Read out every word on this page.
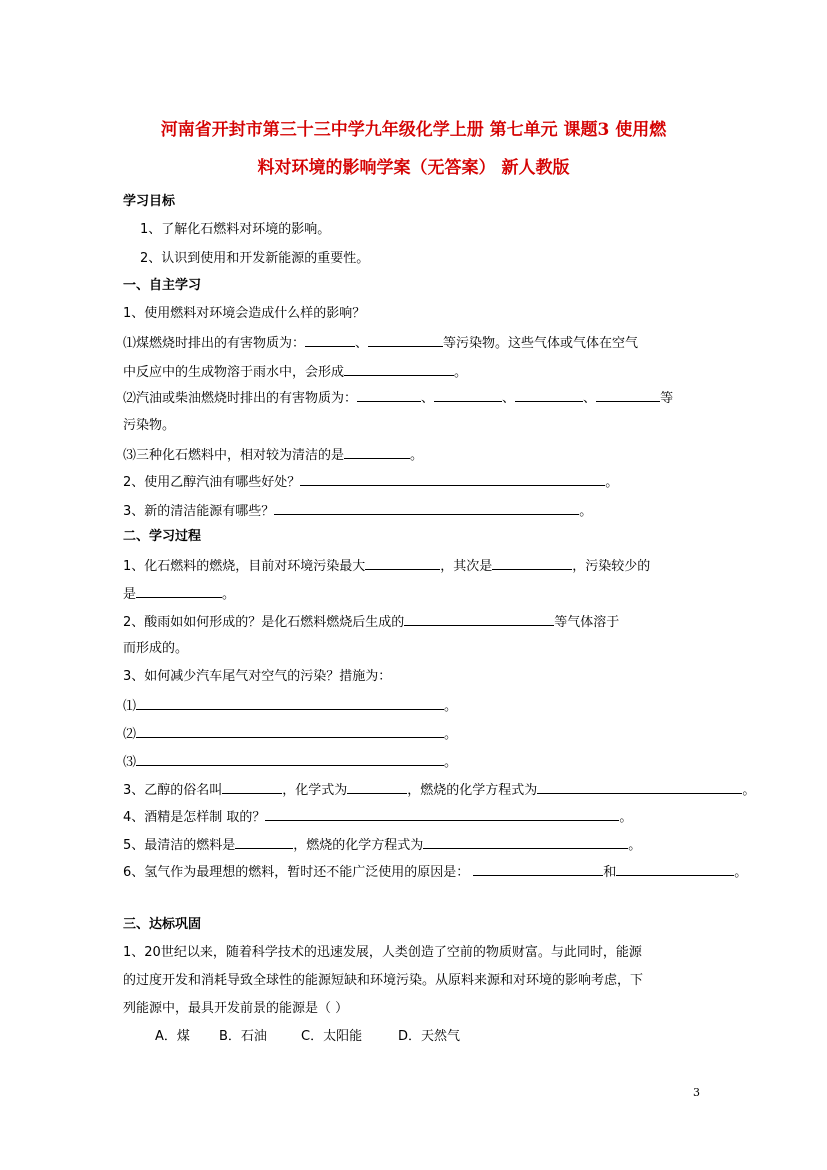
河南省开封市第三十三中学九年级化学上册 第七单元 课题3 使用燃
料对环境的影响学案（无答案） 新人教版
学习目标
1、了解化石燃料对环境的影响。
2、认识到使用和开发新能源的重要性。
一、自主学习
1、使用燃料对环境会造成什么样的影响？
⑴煤燃烧时排出的有害物质为：	、	等污染物。这些气体或气体在空气
中反应中的生成物溶于雨水中，会形成	。
⑵汽油或柴油燃烧时排出的有害物质为：	、	、	、	等
污染物。
⑶三种化石燃料中，相对较为清洁的是	。
2、使用乙醇汽油有哪些好处？	。
3、新的清洁能源有哪些？	。
二、学习过程
1、化石燃料的燃烧，目前对环境污染最大	，其次是	，污染较少的
是	。
2、酸雨如如何形成的？是化石燃料燃烧后生成的	等气体溶于
而形成的。
3、如何减少汽车尾气对空气的污染？措施为：
⑴	。
⑵	。
⑶	。
3、乙醇的俗名叫	，化学式为	，燃烧的化学方程式为	。
4、酒精是怎样制 取的？	。
5、最清洁的燃料是	，燃烧的化学方程式为	。
6、氢气作为最理想的燃料，暂时还不能广泛使用的原因是：	和	。
三、达标巩固
1、20世纪以来，随着科学技术的迅速发展，人类创造了空前的物质财富。与此同时，能源
的过度开发和消耗导致全球性的能源短缺和环境污染。从原料来源和对环境的影响考虑，下
列能源中，最具开发前景的能源是（ ）
A．煤 B．石油	C．太阳能	D．天然气
3
